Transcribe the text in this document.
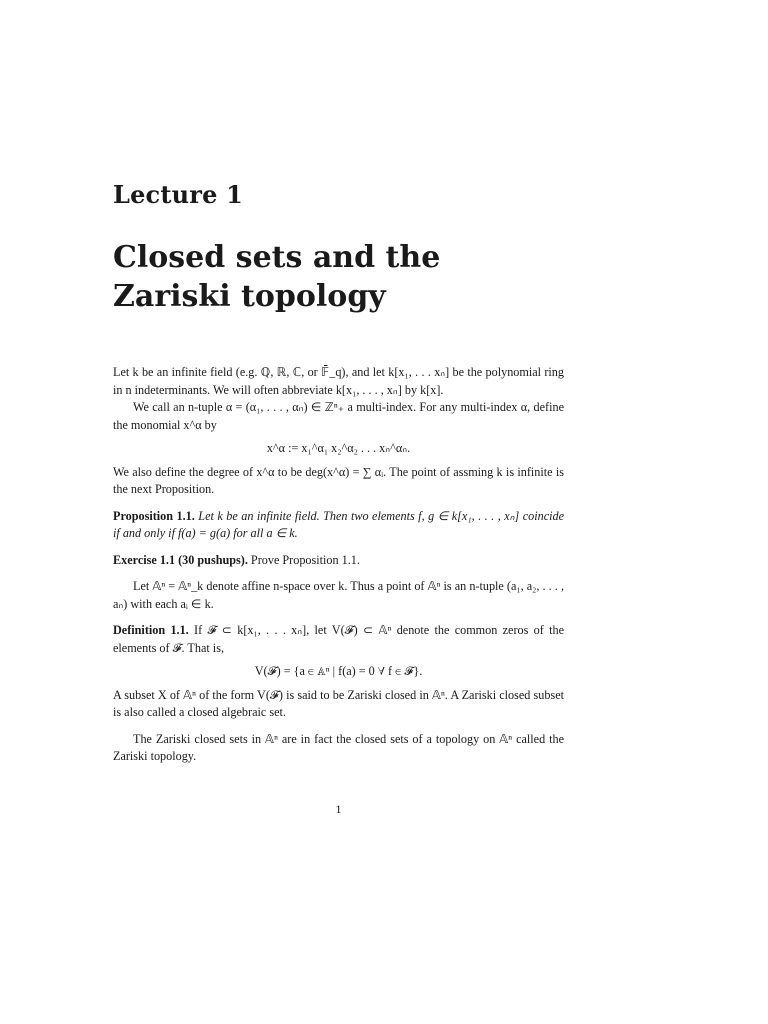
Lecture 1
Closed sets and the Zariski topology

Let k be an infinite field (e.g. ℚ, ℝ, ℂ, or 𝔽̄_q), and let k[x₁, . . . xₙ] be the polynomial ring in n indeterminants. We will often abbreviate k[x₁, . . . , xₙ] by k[x].

We call an n-tuple α = (α₁, . . . , αₙ) ∈ ℤⁿ₊ a multi-index. For any multi-index α, define the monomial x^α by

x^α := x₁^α₁ x₂^α₂ . . . xₙ^αₙ.

We also define the degree of x^α to be deg(x^α) = ∑ αᵢ. The point of assming k is infinite is the next Proposition.

Proposition 1.1. Let k be an infinite field. Then two elements f, g ∈ k[x₁, . . . , xₙ] coincide if and only if f(a) = g(a) for all a ∈ k.

Exercise 1.1 (30 pushups). Prove Proposition 1.1.

Let 𝔸ⁿ = 𝔸ⁿ_k denote affine n-space over k. Thus a point of 𝔸ⁿ is an n-tuple (a₁, a₂, . . . , aₙ) with each aᵢ ∈ k.

Definition 1.1. If 𝓕 ⊂ k[x₁, . . . xₙ], let V(𝓕) ⊂ 𝔸ⁿ denote the common zeros of the elements of 𝓕. That is,

V(𝓕) = {a ∈ 𝔸ⁿ | f(a) = 0 ∀ f ∈ 𝓕}.

A subset X of 𝔸ⁿ of the form V(𝓕) is said to be Zariski closed in 𝔸ⁿ. A Zariski closed subset is also called a closed algebraic set.

The Zariski closed sets in 𝔸ⁿ are in fact the closed sets of a topology on 𝔸ⁿ called the Zariski topology.

1
